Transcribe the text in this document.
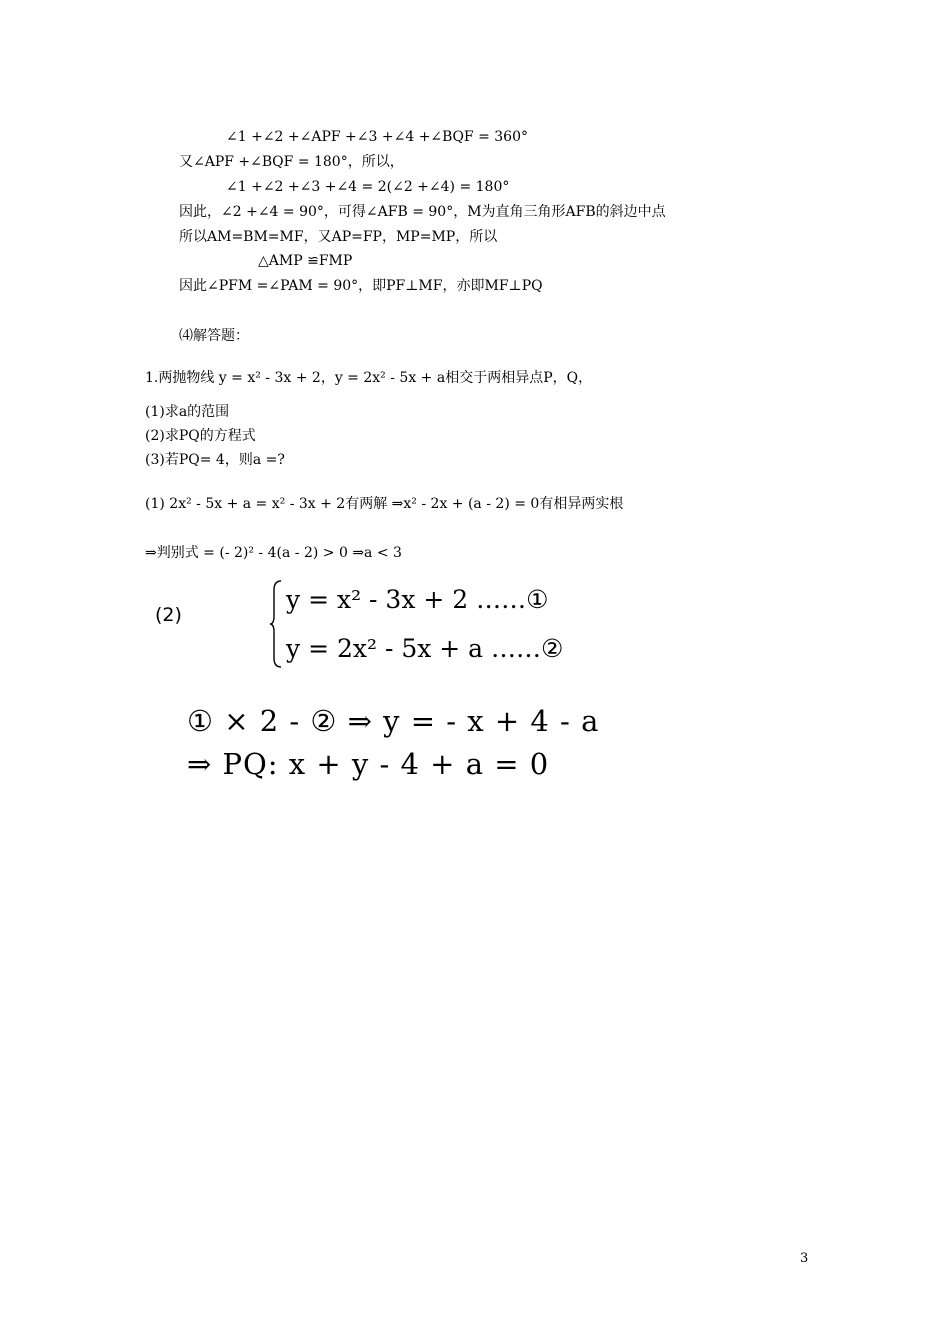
∠1 +∠2 +∠APF +∠3 +∠4 +∠BQF = 360°
又∠APF +∠BQF = 180°，所以，
∠1 +∠2 +∠3 +∠4 = 2(∠2 +∠4) = 180°
因此，∠2 +∠4 = 90°，可得∠AFB = 90°，M为直角三角形AFB的斜边中点
所以AM=BM=MF，又AP=FP，MP=MP，所以
△AMP ≌FMP
因此∠PFM =∠PAM = 90°，即PF⊥MF，亦即MF⊥PQ
⑷解答题：
1.两抛物线 y = x² - 3x + 2，y = 2x² - 5x + a相交于两相异点P，Q，
(1)求a的范围
(2)求PQ的方程式
(3)若PQ= 4，则a =?
(1) 2x² - 5x + a = x² - 3x + 2有两解 ⇒x² - 2x + (a - 2) = 0有相异两实根
⇒判别式 = (- 2)² - 4(a - 2) > 0 ⇒a < 3
(2)
y = x² - 3x + 2 ……①
y = 2x² - 5x + a ……②
① × 2 - ② ⇒ y = - x + 4 - a
⇒ PQ: x + y - 4 + a = 0
3
